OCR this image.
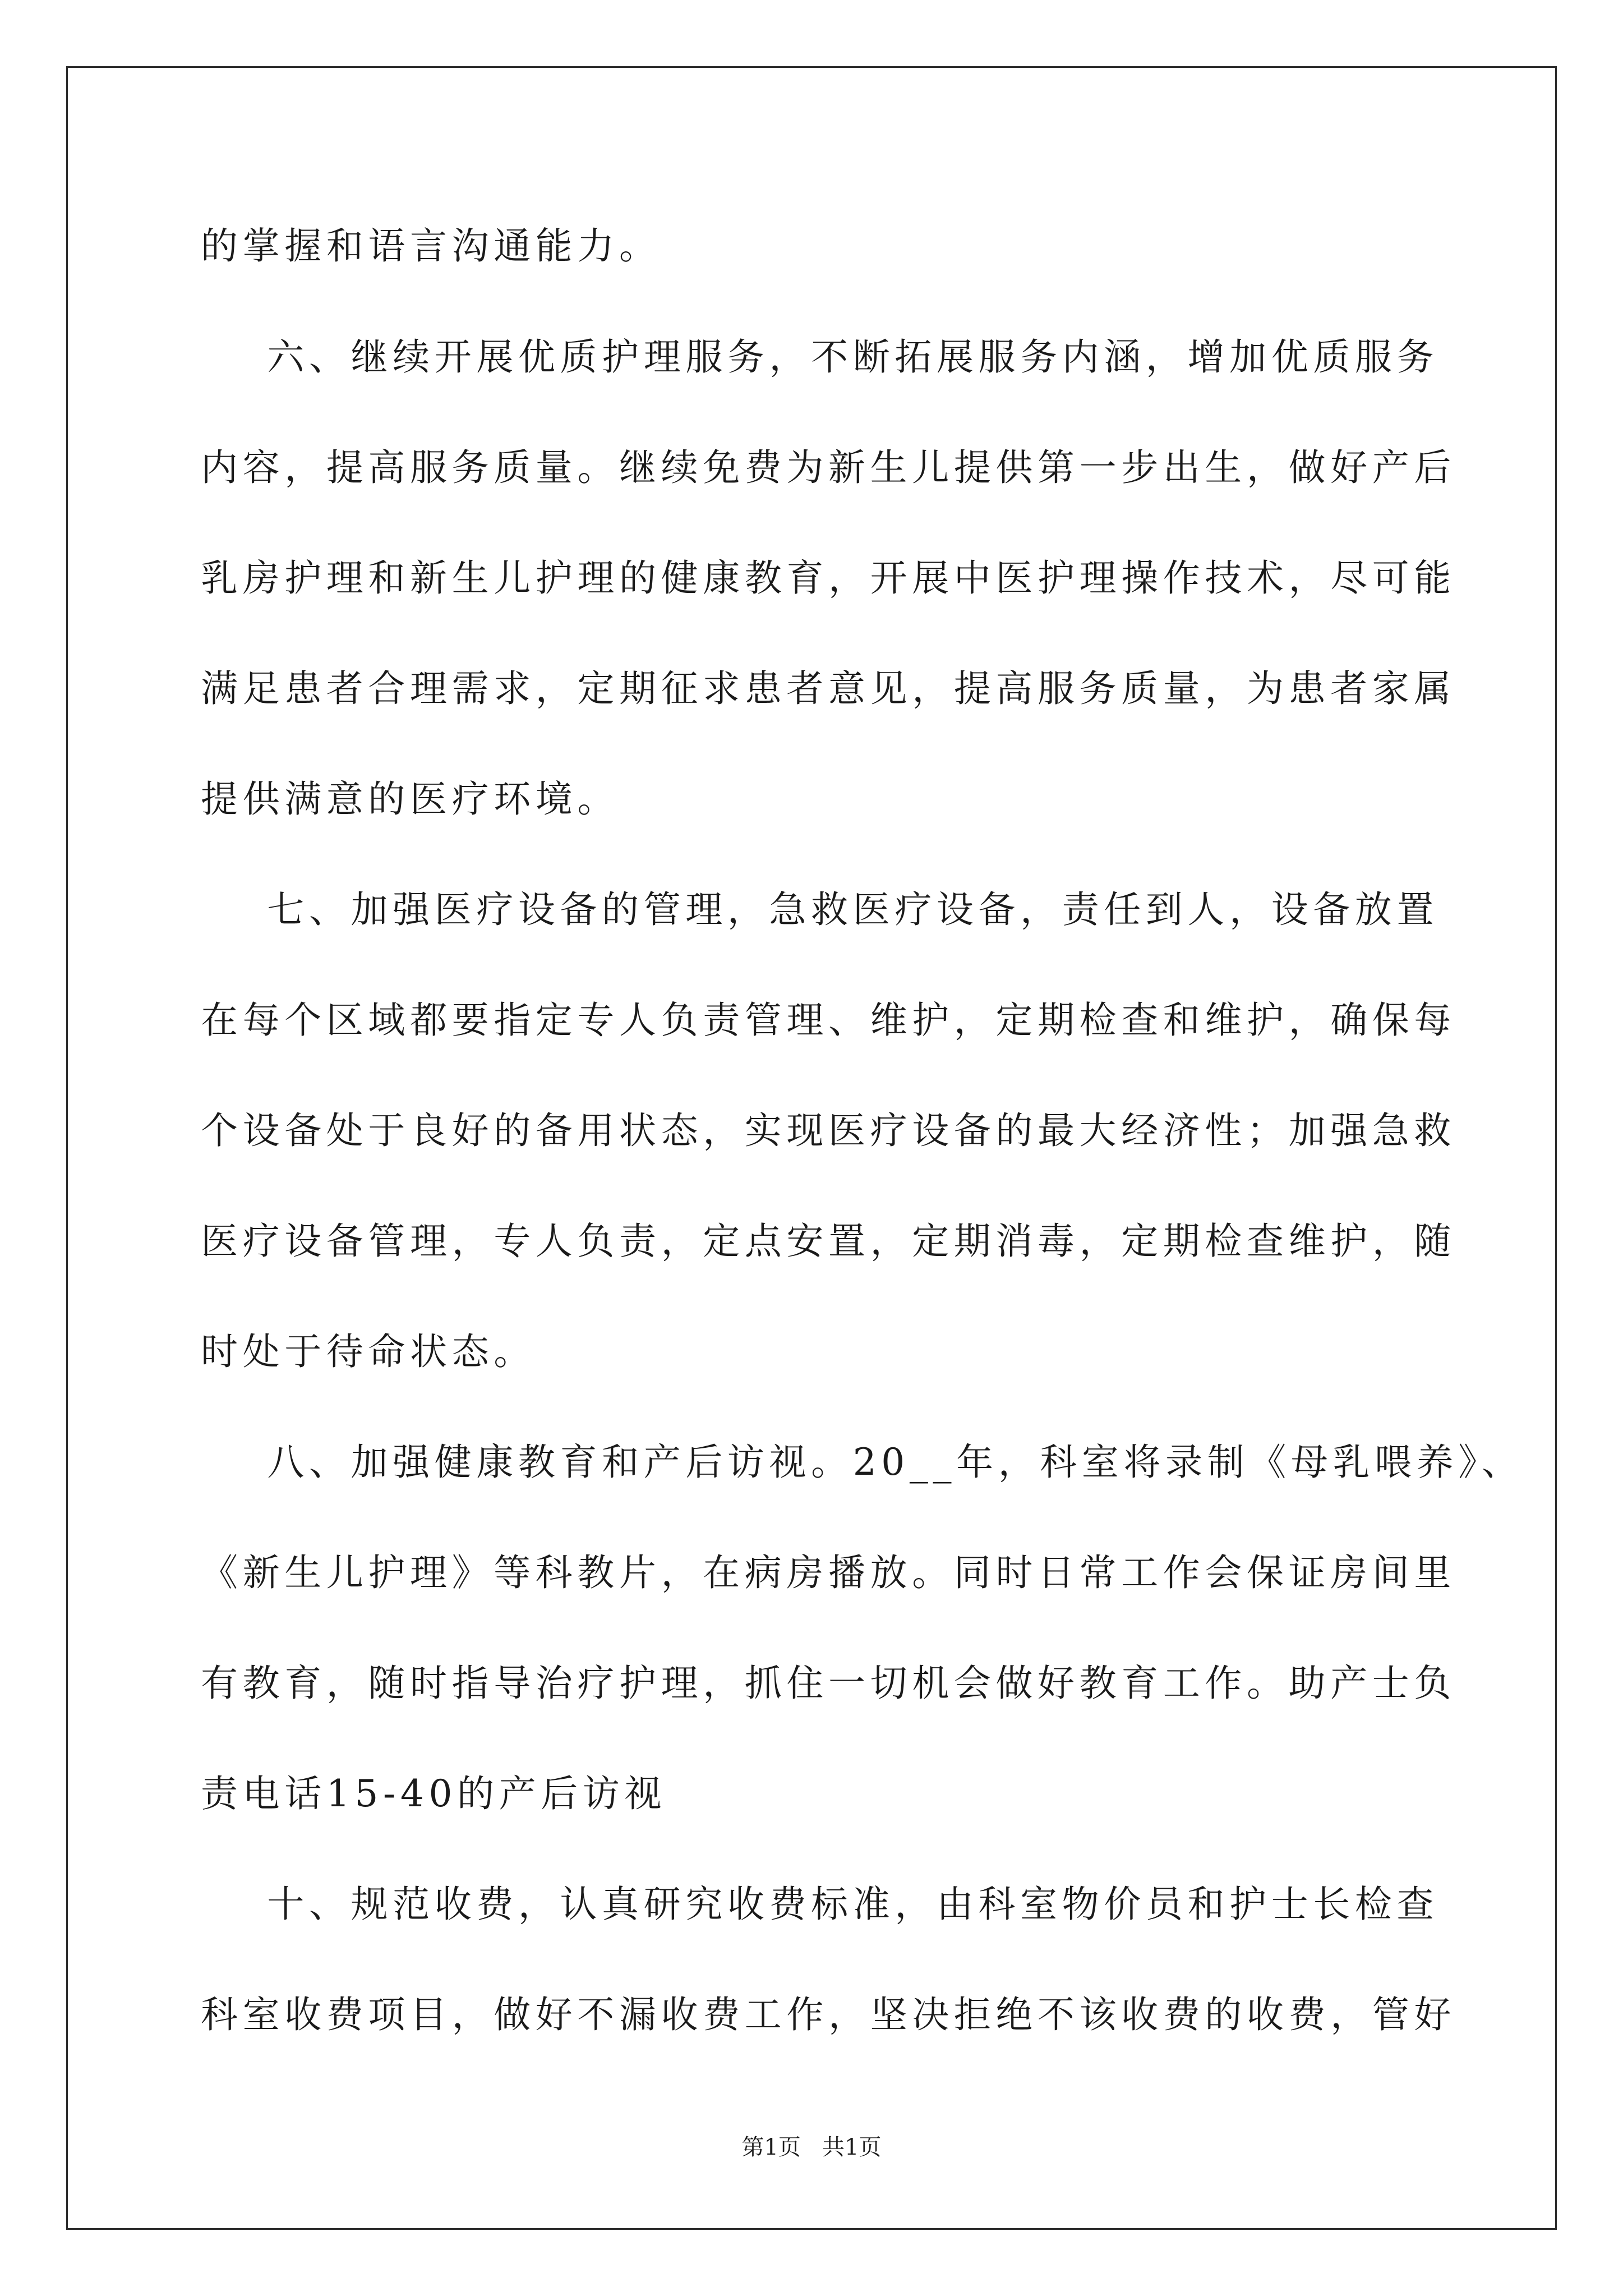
的掌握和语言沟通能力。
六、继续开展优质护理服务，不断拓展服务内涵，增加优质服务
内容，提高服务质量。继续免费为新生儿提供第一步出生，做好产后
乳房护理和新生儿护理的健康教育，开展中医护理操作技术，尽可能
满足患者合理需求，定期征求患者意见，提高服务质量，为患者家属
提供满意的医疗环境。
七、加强医疗设备的管理，急救医疗设备，责任到人，设备放置
在每个区域都要指定专人负责管理、维护，定期检查和维护，确保每
个设备处于良好的备用状态，实现医疗设备的最大经济性；加强急救
医疗设备管理，专人负责，定点安置，定期消毒，定期检查维护，随
时处于待命状态。
八、加强健康教育和产后访视。20__年，科室将录制《母乳喂养》、
《新生儿护理》等科教片，在病房播放。同时日常工作会保证房间里
有教育，随时指导治疗护理，抓住一切机会做好教育工作。助产士负
责电话15-40的产后访视
十、规范收费，认真研究收费标准，由科室物价员和护士长检查
科室收费项目，做好不漏收费工作，坚决拒绝不该收费的收费，管好
第1页   共1页
